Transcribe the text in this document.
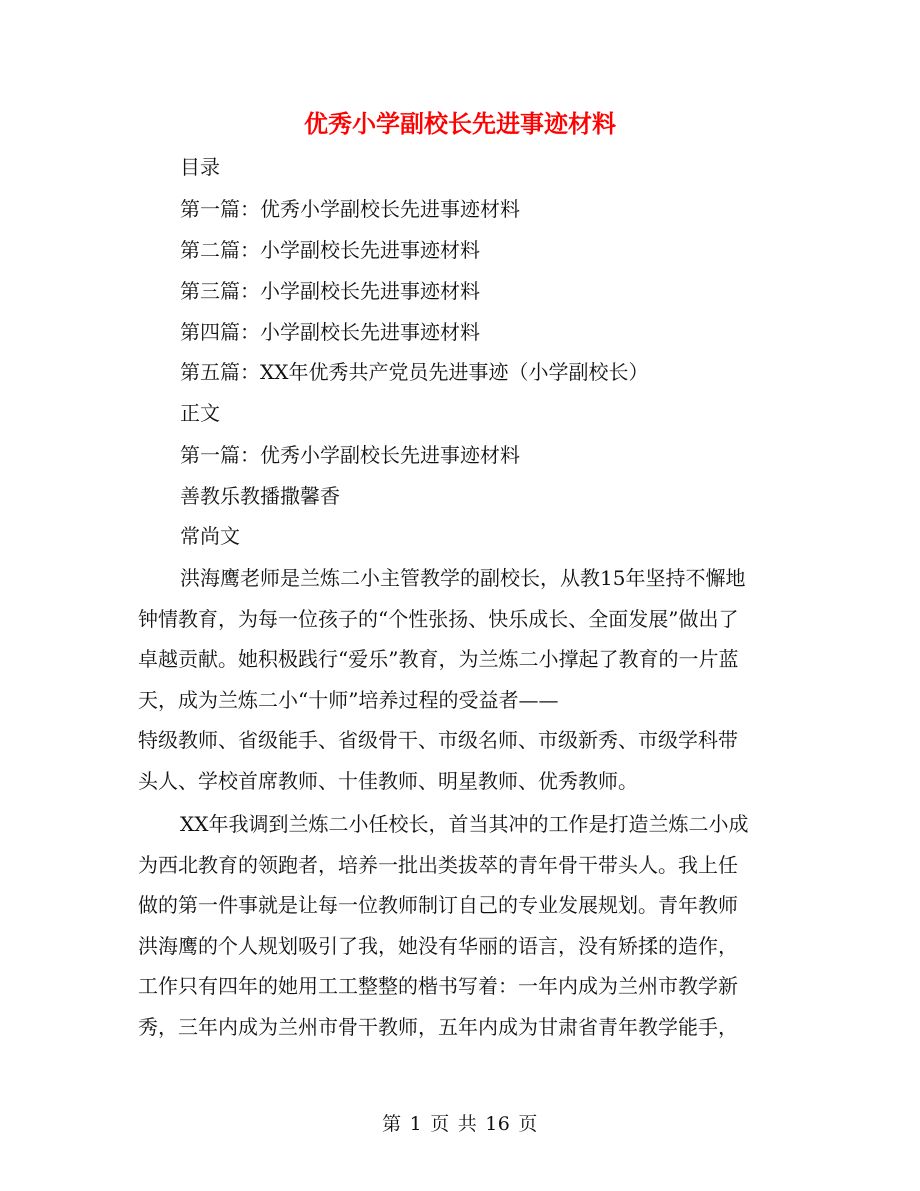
优秀小学副校长先进事迹材料
目录
第一篇：优秀小学副校长先进事迹材料
第二篇：小学副校长先进事迹材料
第三篇：小学副校长先进事迹材料
第四篇：小学副校长先进事迹材料
第五篇：XX年优秀共产党员先进事迹（小学副校长）
正文
第一篇：优秀小学副校长先进事迹材料
善教乐教播撒馨香
常尚文

洪海鹰老师是兰炼二小主管教学的副校长，从教15年坚持不懈地

钟情教育，为每一位孩子的“个性张扬、快乐成长、全面发展”做出了

卓越贡献。她积极践行“爱乐”教育，为兰炼二小撑起了教育的一片蓝

天，成为兰炼二小“十师”培养过程的受益者——

特级教师、省级能手、省级骨干、市级名师、市级新秀、市级学科带

头人、学校首席教师、十佳教师、明星教师、优秀教师。

XX年我调到兰炼二小任校长，首当其冲的工作是打造兰炼二小成

为西北教育的领跑者，培养一批出类拔萃的青年骨干带头人。我上任

做的第一件事就是让每一位教师制订自己的专业发展规划。青年教师

洪海鹰的个人规划吸引了我，她没有华丽的语言，没有矫揉的造作，

工作只有四年的她用工工整整的楷书写着：一年内成为兰州市教学新

秀，三年内成为兰州市骨干教师，五年内成为甘肃省青年教学能手，

第 1 页 共 16 页
